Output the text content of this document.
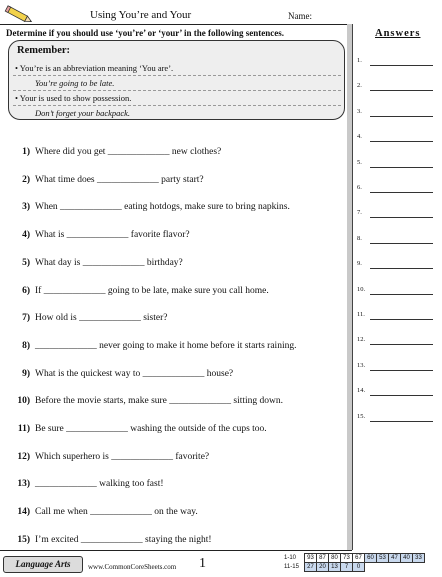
Using You’re and Your	Name:
Answers
Determine if you should use ‘you’re’ or ‘your’ in the following sentences.
Remember:
• You’re is an abbreviation meaning ‘You are’.
You’re going to be late.
• Your is used to show possession.
Don’t forget your backpack.
1) Where did you get _____________ new clothes?
2) What time does _____________ party start?
3) When _____________ eating hotdogs, make sure to bring napkins.
4) What is _____________ favorite flavor?
5) What day is _____________ birthday?
6) If _____________ going to be late, make sure you call home.
7) How old is _____________ sister?
8) _____________ never going to make it home before it starts raining.
9) What is the quickest way to _____________ house?
10) Before the movie starts, make sure _____________ sitting down.
11) Be sure _____________ washing the outside of the cups too.
12) Which superhero is _____________ favorite?
13) _____________ walking too fast!
14) Call me when _____________ on the way.
15) I’m excited _____________ staying the night!
1.
2.
3.
4.
5.
6.
7.
8.
9.
10.
11.
12.
13.
14.
15.
Language Arts	www.CommonCoreSheets.com 1	1-10	93	87	80	73	67	60	53	47	40	33
11-15	27	20	13	7	0					
